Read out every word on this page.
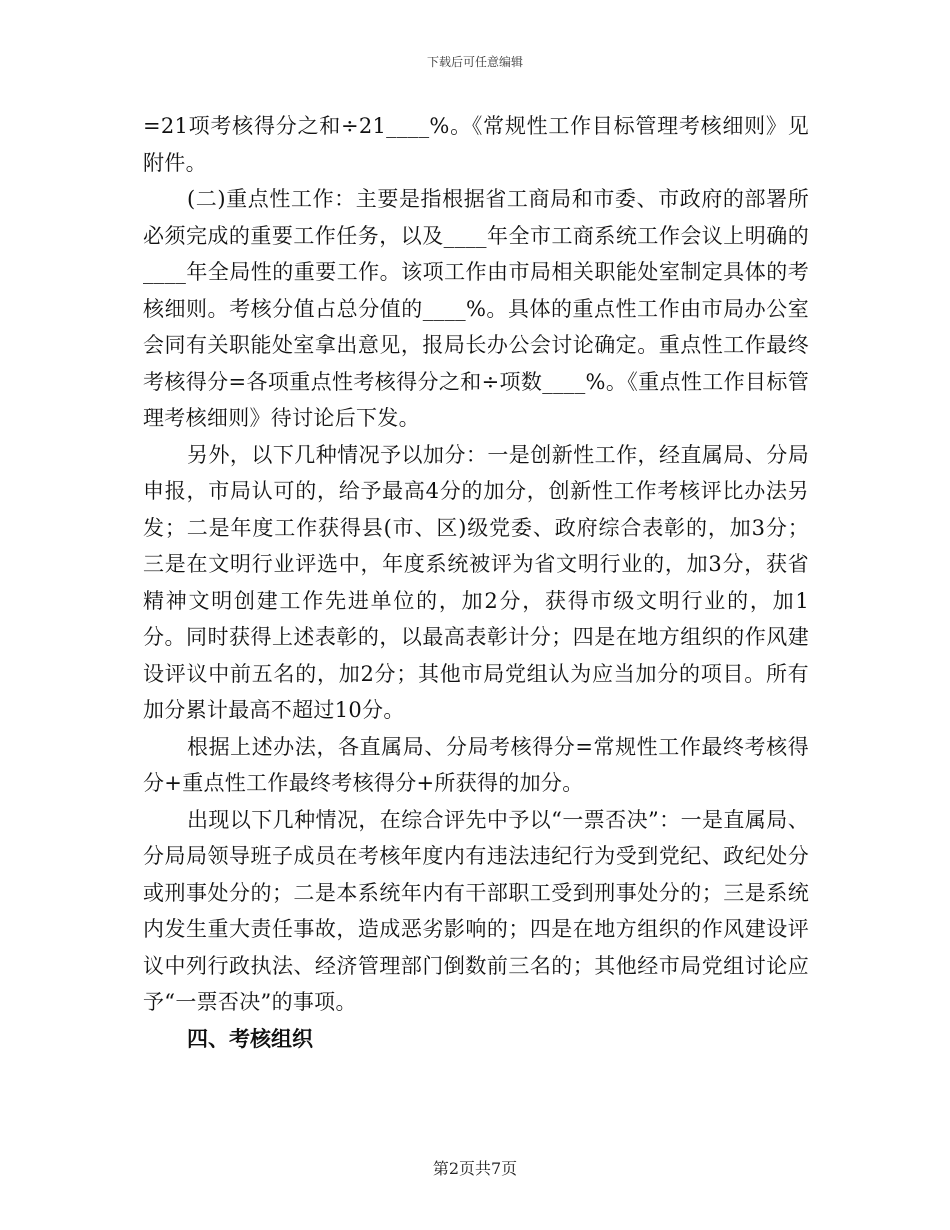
下载后可任意编辑

=21项考核得分之和÷21____%。《常规性工作目标管理考核细则》见附件。

(二)重点性工作：主要是指根据省工商局和市委、市政府的部署所必须完成的重要工作任务，以及____年全市工商系统工作会议上明确的____年全局性的重要工作。该项工作由市局相关职能处室制定具体的考核细则。考核分值占总分值的____%。具体的重点性工作由市局办公室会同有关职能处室拿出意见，报局长办公会讨论确定。重点性工作最终考核得分=各项重点性考核得分之和÷项数____%。《重点性工作目标管理考核细则》待讨论后下发。

另外，以下几种情况予以加分：一是创新性工作，经直属局、分局申报，市局认可的，给予最高4分的加分，创新性工作考核评比办法另发；二是年度工作获得县(市、区)级党委、政府综合表彰的，加3分；三是在文明行业评选中，年度系统被评为省文明行业的，加3分，获省精神文明创建工作先进单位的，加2分，获得市级文明行业的，加1分。同时获得上述表彰的，以最高表彰计分；四是在地方组织的作风建设评议中前五名的，加2分；其他市局党组认为应当加分的项目。所有加分累计最高不超过10分。

根据上述办法，各直属局、分局考核得分=常规性工作最终考核得分+重点性工作最终考核得分+所获得的加分。

出现以下几种情况，在综合评先中予以“一票否决”：一是直属局、分局局领导班子成员在考核年度内有违法违纪行为受到党纪、政纪处分或刑事处分的；二是本系统年内有干部职工受到刑事处分的；三是系统内发生重大责任事故，造成恶劣影响的；四是在地方组织的作风建设评议中列行政执法、经济管理部门倒数前三名的；其他经市局党组讨论应予“一票否决”的事项。

四、考核组织

第2页共7页
